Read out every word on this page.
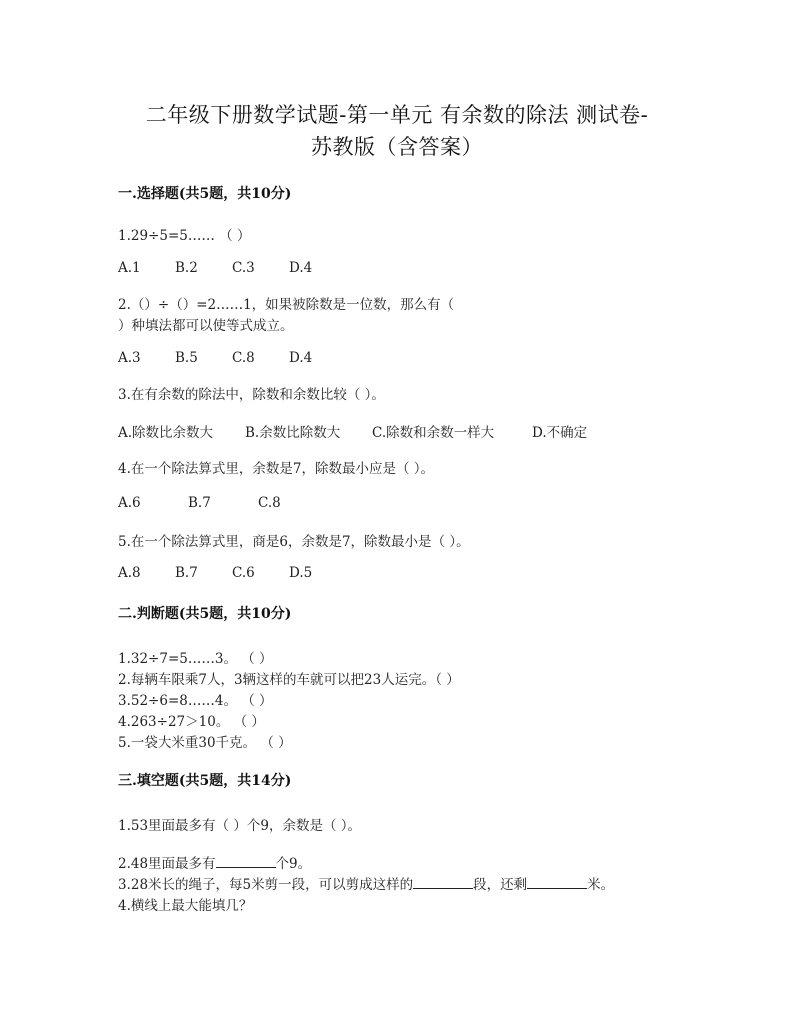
二年级下册数学试题-第一单元 有余数的除法 测试卷-
苏教版（含答案）
一.选择题(共5题，共10分)
1.29÷5=5…… （ ）
A.1	B.2	C.3	D.4
2.（）÷（）=2……1，如果被除数是一位数，那么有（
）种填法都可以使等式成立。
A.3	B.5	C.8	D.4
3.在有余数的除法中，除数和余数比较（ ）。
A.除数比余数大 B.余数比除数大 C.除数和余数一样大	D.不确定
4.在一个除法算式里，余数是7，除数最小应是（ ）。
A.6	B.7	C.8
5.在一个除法算式里，商是6，余数是7，除数最小是（ ）。
A.8	B.7	C.6	D.5
二.判断题(共5题，共10分)
1.32÷7=5……3。 （ ）
2.每辆车限乘7人，3辆这样的车就可以把23人运完。（ ）
3.52÷6=8……4。 （ ）
4.263÷27＞10。 （ ）
5.一袋大米重30千克。 （ ）
三.填空题(共5题，共14分)
1.53里面最多有（ ）个9，余数是（ ）。
2.48里面最多有	个9。
3.28米长的绳子，每5米剪一段，可以剪成这样的	段，还剩	米。
4.横线上最大能填几？
